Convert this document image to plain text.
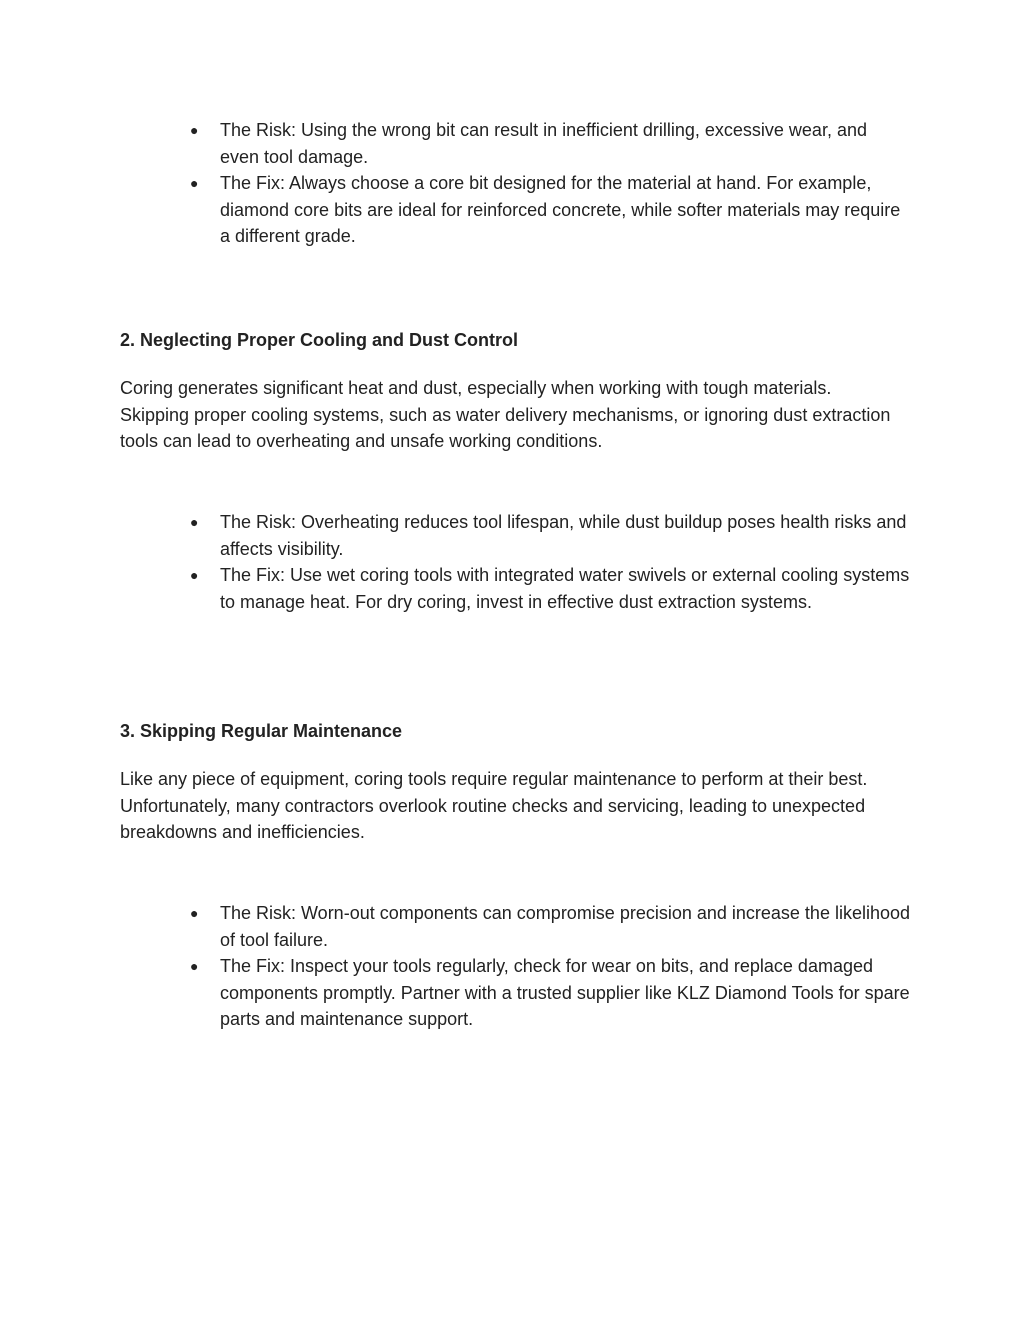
● The Risk: Using the wrong bit can result in inefficient drilling, excessive wear, and even tool damage.
● The Fix: Always choose a core bit designed for the material at hand. For example, diamond core bits are ideal for reinforced concrete, while softer materials may require a different grade.
2. Neglecting Proper Cooling and Dust Control

Coring generates significant heat and dust, especially when working with tough materials. Skipping proper cooling systems, such as water delivery mechanisms, or ignoring dust extraction tools can lead to overheating and unsafe working conditions.

● The Risk: Overheating reduces tool lifespan, while dust buildup poses health risks and affects visibility.
● The Fix: Use wet coring tools with integrated water swivels or external cooling systems to manage heat. For dry coring, invest in effective dust extraction systems.
3. Skipping Regular Maintenance

Like any piece of equipment, coring tools require regular maintenance to perform at their best. Unfortunately, many contractors overlook routine checks and servicing, leading to unexpected breakdowns and inefficiencies.

● The Risk: Worn-out components can compromise precision and increase the likelihood of tool failure.
● The Fix: Inspect your tools regularly, check for wear on bits, and replace damaged components promptly. Partner with a trusted supplier like KLZ Diamond Tools for spare parts and maintenance support.
